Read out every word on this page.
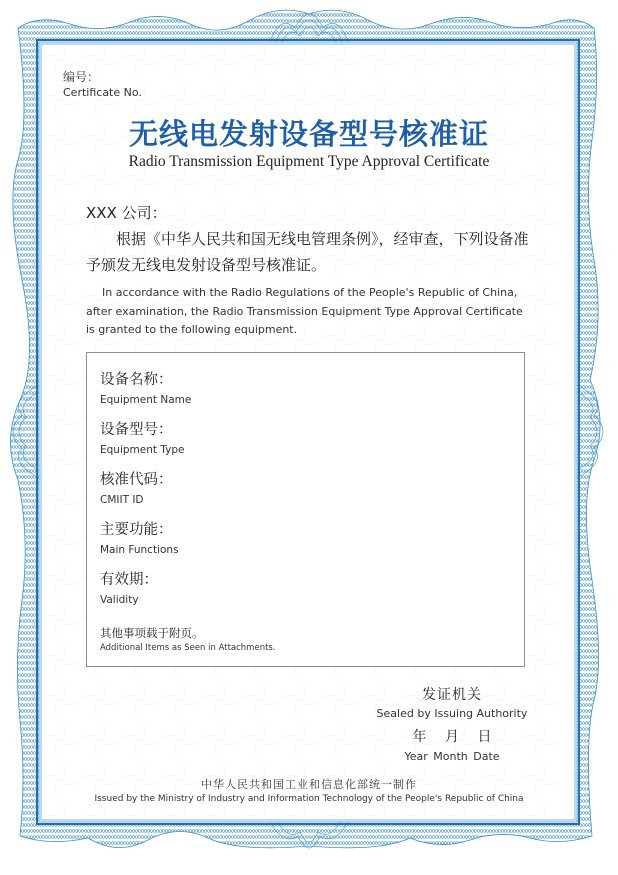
编号：
Certificate No.
无线电发射设备型号核准证
Radio Transmission Equipment Type Approval Certificate
XXX 公司：
根据《中华人民共和国无线电管理条例》，经审查，下列设备准予颁发无线电发射设备型号核准证。
In accordance with the Radio Regulations of the People's Republic of China, after examination, the Radio Transmission Equipment Type Approval Certificate is granted to the following equipment.
设备名称：
Equipment Name
设备型号：
Equipment Type
核准代码：
CMIIT ID
主要功能：
Main Functions
有效期：
Validity
其他事项载于附页。
Additional Items as Seen in Attachments.
发证机关
Sealed by Issuing Authority
年 月 日
Year Month Date
中华人民共和国工业和信息化部统一制作
Issued by the Ministry of Industry and Information Technology of the People's Republic of China
